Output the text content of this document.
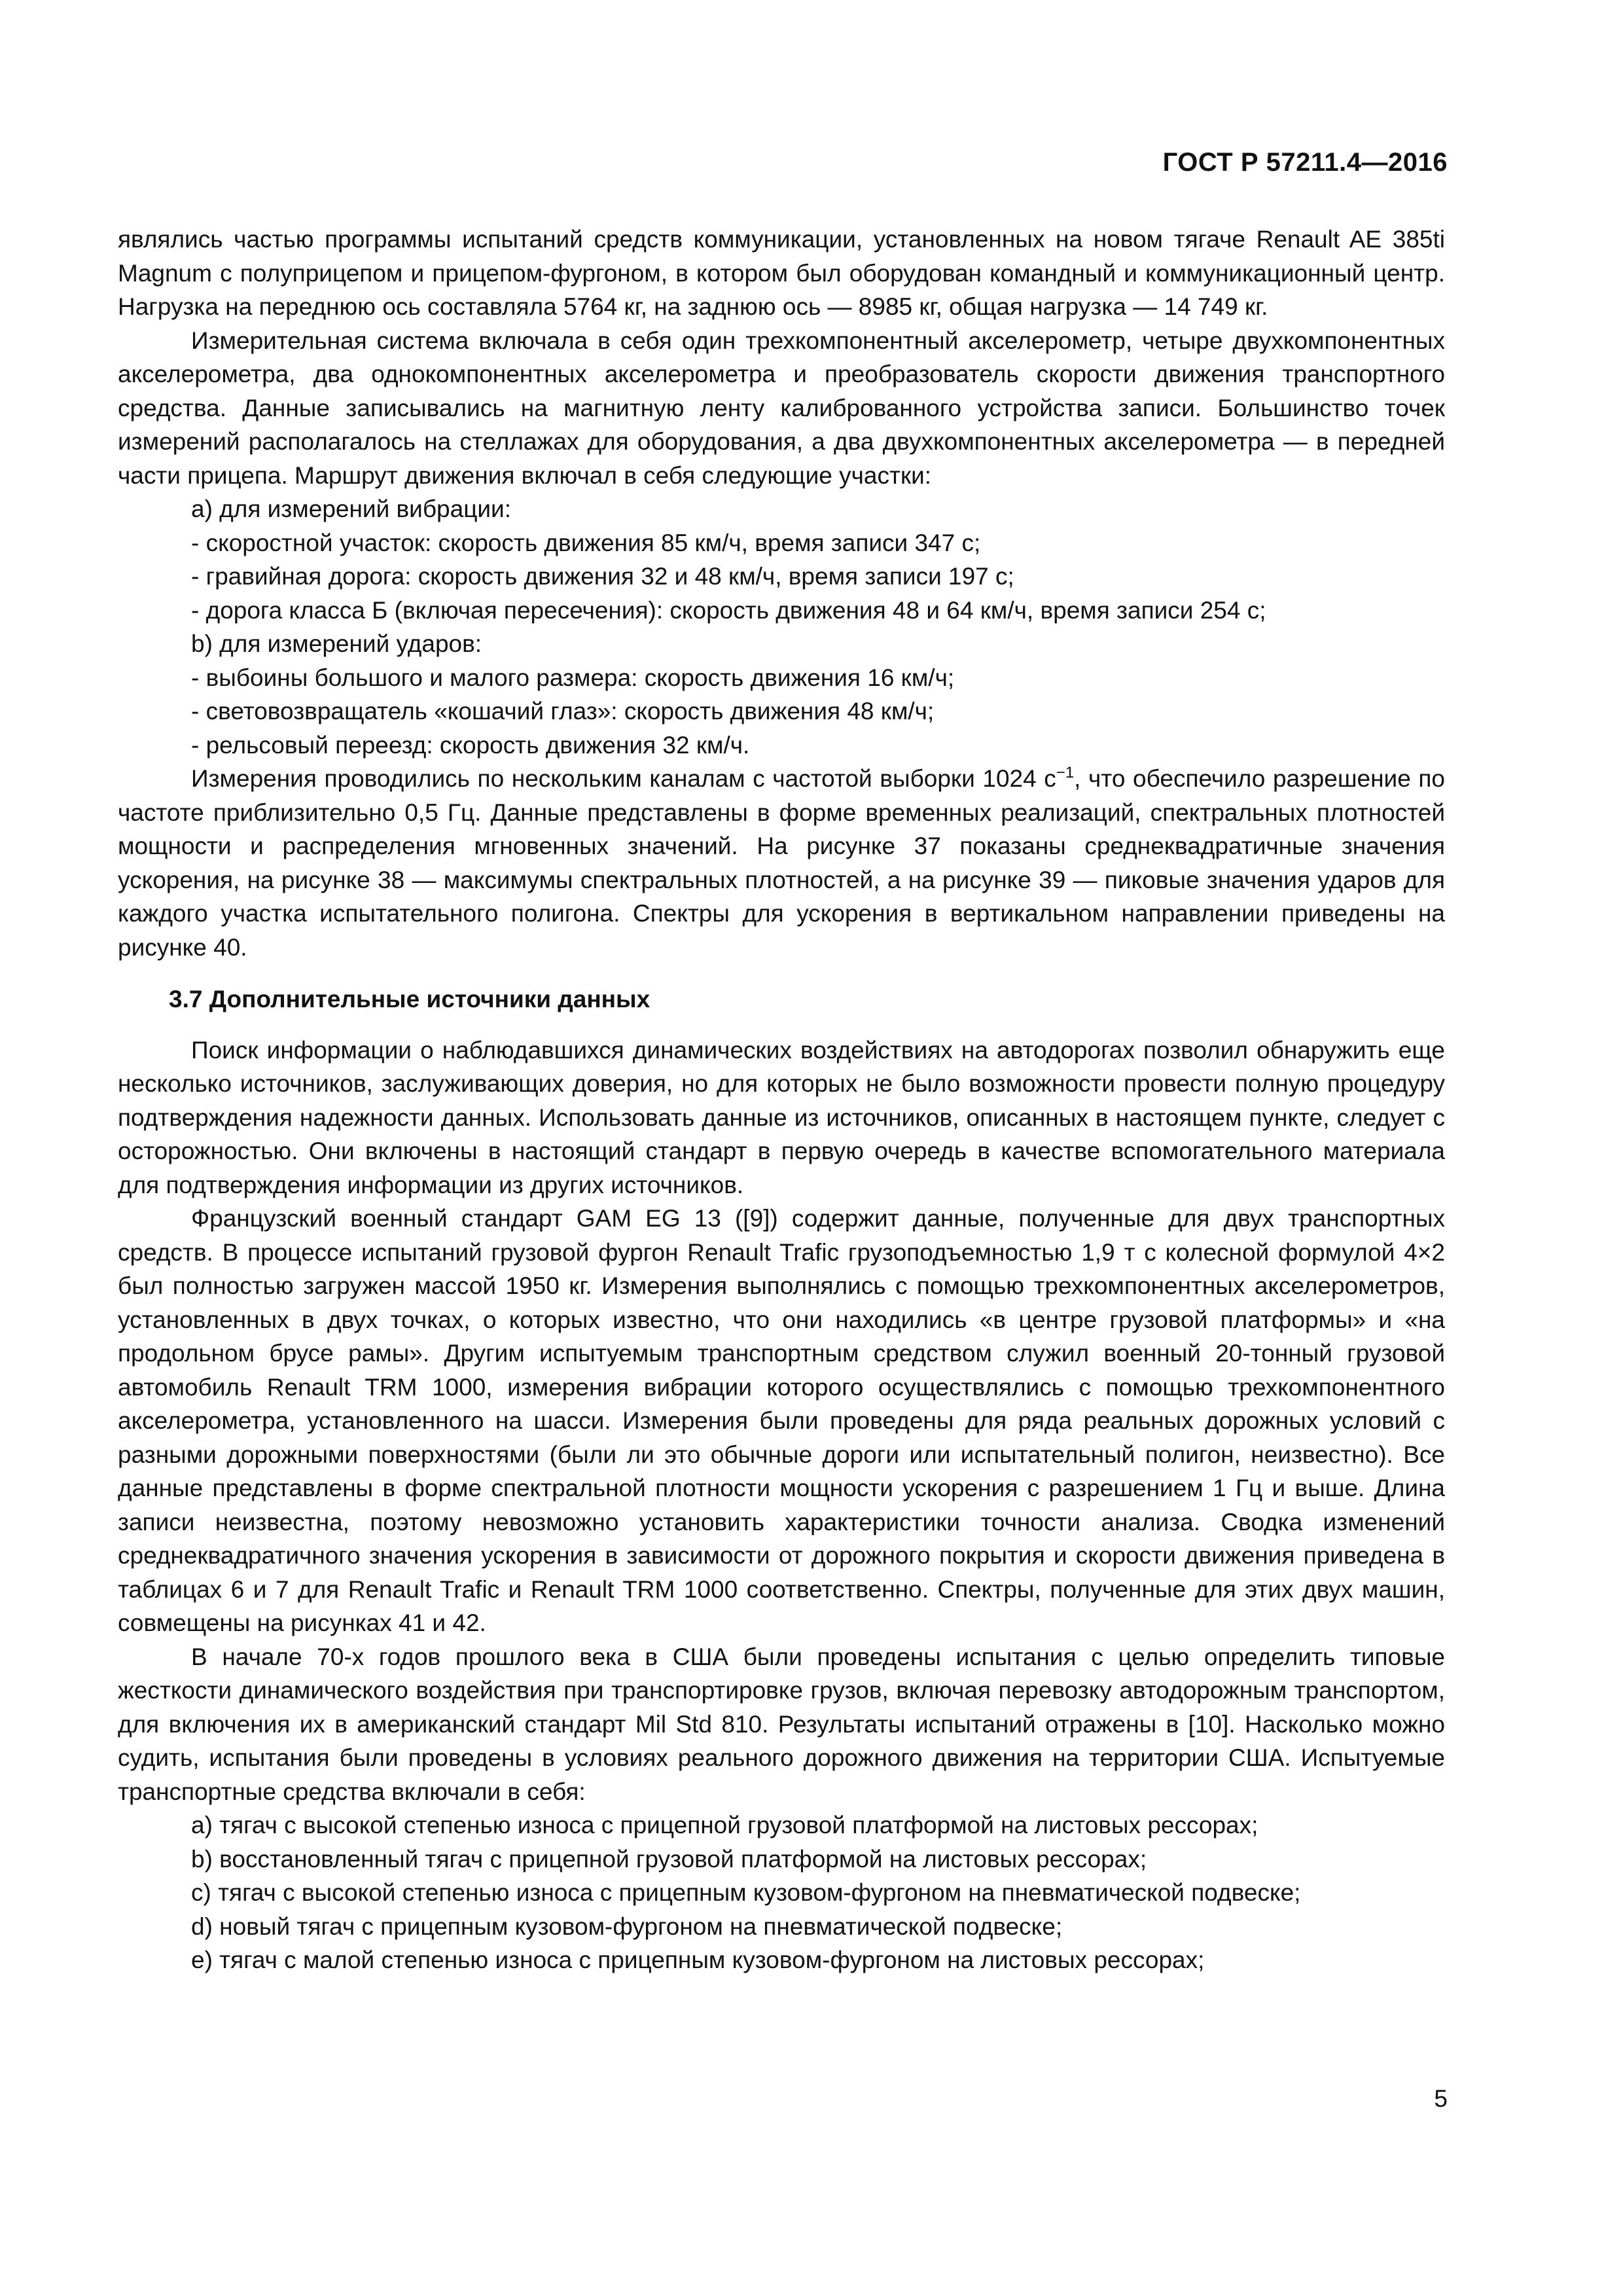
ГОСТ Р 57211.4—2016

являлись частью программы испытаний средств коммуникации, установленных на новом тягаче Renault AE 385ti Magnum с полуприцепом и прицепом-фургоном, в котором был оборудован командный и коммуникационный центр. Нагрузка на переднюю ось составляла 5764 кг, на заднюю ось — 8985 кг, общая нагрузка — 14 749 кг.

Измерительная система включала в себя один трехкомпонентный акселерометр, четыре двухкомпонентных акселерометра, два однокомпонентных акселерометра и преобразователь скорости движения транспортного средства. Данные записывались на магнитную ленту калиброванного устройства записи. Большинство точек измерений располагалось на стеллажах для оборудования, а два двухкомпонентных акселерометра — в передней части прицепа. Маршрут движения включал в себя следующие участки:

a) для измерений вибрации:

- скоростной участок: скорость движения 85 км/ч, время записи 347 с;

- гравийная дорога: скорость движения 32 и 48 км/ч, время записи 197 с;

- дорога класса Б (включая пересечения): скорость движения 48 и 64 км/ч, время записи 254 с;

b) для измерений ударов:

- выбоины большого и малого размера: скорость движения 16 км/ч;

- световозвращатель «кошачий глаз»: скорость движения 48 км/ч;

- рельсовый переезд: скорость движения 32 км/ч.

Измерения проводились по нескольким каналам с частотой выборки 1024 $с^{-1}$, что обеспечило разрешение по частоте приблизительно 0,5 Гц. Данные представлены в форме временных реализаций, спектральных плотностей мощности и распределения мгновенных значений. На рисунке 37 показаны среднеквадратичные значения ускорения, на рисунке 38 — максимумы спектральных плотностей, а на рисунке 39 — пиковые значения ударов для каждого участка испытательного полигона. Спектры для ускорения в вертикальном направлении приведены на рисунке 40.

3.7 Дополнительные источники данных

Поиск информации о наблюдавшихся динамических воздействиях на автодорогах позволил обнаружить еще несколько источников, заслуживающих доверия, но для которых не было возможности провести полную процедуру подтверждения надежности данных. Использовать данные из источников, описанных в настоящем пункте, следует с осторожностью. Они включены в настоящий стандарт в первую очередь в качестве вспомогательного материала для подтверждения информации из других источников.

Французский военный стандарт GAM EG 13 ([9]) содержит данные, полученные для двух транспортных средств. В процессе испытаний грузовой фургон Renault Trafic грузоподъемностью 1,9 т с колесной формулой 4×2 был полностью загружен массой 1950 кг. Измерения выполнялись с помощью трехкомпонентных акселерометров, установленных в двух точках, о которых известно, что они находились «в центре грузовой платформы» и «на продольном брусе рамы». Другим испытуемым транспортным средством служил военный 20-тонный грузовой автомобиль Renault TRM 1000, измерения вибрации которого осуществлялись с помощью трехкомпонентного акселерометра, установленного на шасси. Измерения были проведены для ряда реальных дорожных условий с разными дорожными поверхностями (были ли это обычные дороги или испытательный полигон, неизвестно). Все данные представлены в форме спектральной плотности мощности ускорения с разрешением 1 Гц и выше. Длина записи неизвестна, поэтому невозможно установить характеристики точности анализа. Сводка изменений среднеквадратичного значения ускорения в зависимости от дорожного покрытия и скорости движения приведена в таблицах 6 и 7 для Renault Trafic и Renault TRM 1000 соответственно. Спектры, полученные для этих двух машин, совмещены на рисунках 41 и 42.

В начале 70-х годов прошлого века в США были проведены испытания с целью определить типовые жесткости динамического воздействия при транспортировке грузов, включая перевозку автодорожным транспортом, для включения их в американский стандарт Mil Std 810. Результаты испытаний отражены в [10]. Насколько можно судить, испытания были проведены в условиях реального дорожного движения на территории США. Испытуемые транспортные средства включали в себя:

a) тягач с высокой степенью износа с прицепной грузовой платформой на листовых рессорах;

b) восстановленный тягач с прицепной грузовой платформой на листовых рессорах;

c) тягач с высокой степенью износа с прицепным кузовом-фургоном на пневматической подвеске;

d) новый тягач с прицепным кузовом-фургоном на пневматической подвеске;

e) тягач с малой степенью износа с прицепным кузовом-фургоном на листовых рессорах;

5
